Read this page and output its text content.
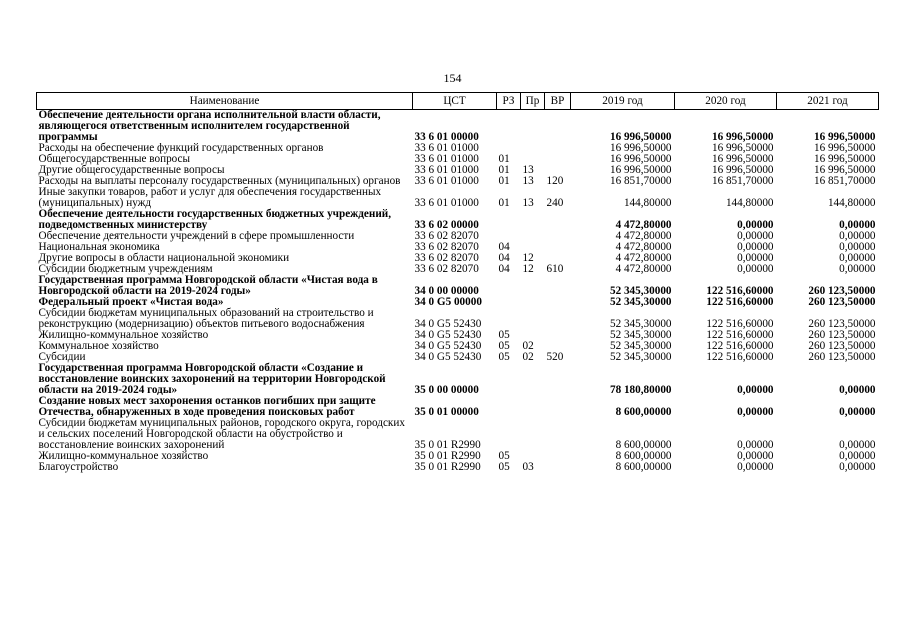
154
Наименование	ЦСТ	РЗ	Пр	ВР	2019 год	2020 год	2021 год
Обеспечение деятельности органа исполнительной власти области, являющегося ответственным исполнителем государственной программы	33 6 01 00000				16 996,50000	16 996,50000	16 996,50000
Расходы на обеспечение функций государственных органов	33 6 01 01000				16 996,50000	16 996,50000	16 996,50000
Общегосударственные вопросы	33 6 01 01000	01			16 996,50000	16 996,50000	16 996,50000
Другие общегосударственные вопросы	33 6 01 01000	01	13		16 996,50000	16 996,50000	16 996,50000
Расходы на выплаты персоналу государственных (муниципальных) органов	33 6 01 01000	01	13	120	16 851,70000	16 851,70000	16 851,70000
Иные закупки товаров, работ и услуг для обеспечения государственных (муниципальных) нужд	33 6 01 01000	01	13	240	144,80000	144,80000	144,80000
Обеспечение деятельности государственных бюджетных учреждений, подведомственных министерству	33 6 02 00000				4 472,80000	0,00000	0,00000
Обеспечение деятельности учреждений в сфере промышленности	33 6 02 82070				4 472,80000	0,00000	0,00000
Национальная экономика	33 6 02 82070	04			4 472,80000	0,00000	0,00000
Другие вопросы в области национальной экономики	33 6 02 82070	04	12		4 472,80000	0,00000	0,00000
Субсидии бюджетным учреждениям	33 6 02 82070	04	12	610	4 472,80000	0,00000	0,00000
Государственная программа Новгородской области «Чистая вода в Новгородской области на 2019-2024 годы»	34 0 00 00000				52 345,30000	122 516,60000	260 123,50000
Федеральный проект «Чистая вода»	34 0 G5 00000				52 345,30000	122 516,60000	260 123,50000
Субсидии бюджетам муниципальных образований на строительство и реконструкцию (модернизацию) объектов питьевого водоснабжения	34 0 G5 52430				52 345,30000	122 516,60000	260 123,50000
Жилищно-коммунальное хозяйство	34 0 G5 52430	05			52 345,30000	122 516,60000	260 123,50000
Коммунальное хозяйство	34 0 G5 52430	05	02		52 345,30000	122 516,60000	260 123,50000
Субсидии	34 0 G5 52430	05	02	520	52 345,30000	122 516,60000	260 123,50000
Государственная программа Новгородской области «Создание и восстановление воинских захоронений на территории Новгородской области на 2019-2024 годы»	35 0 00 00000				78 180,80000	0,00000	0,00000
Создание новых мест захоронения останков погибших при защите Отечества, обнаруженных в ходе проведения поисковых работ	35 0 01 00000				8 600,00000	0,00000	0,00000
Субсидии бюджетам муниципальных районов, городского округа, городских и сельских поселений Новгородской области на обустройство и восстановление воинских захоронений	35 0 01 R2990				8 600,00000	0,00000	0,00000
Жилищно-коммунальное хозяйство	35 0 01 R2990	05			8 600,00000	0,00000	0,00000
Благоустройство	35 0 01 R2990	05	03		8 600,00000	0,00000	0,00000
